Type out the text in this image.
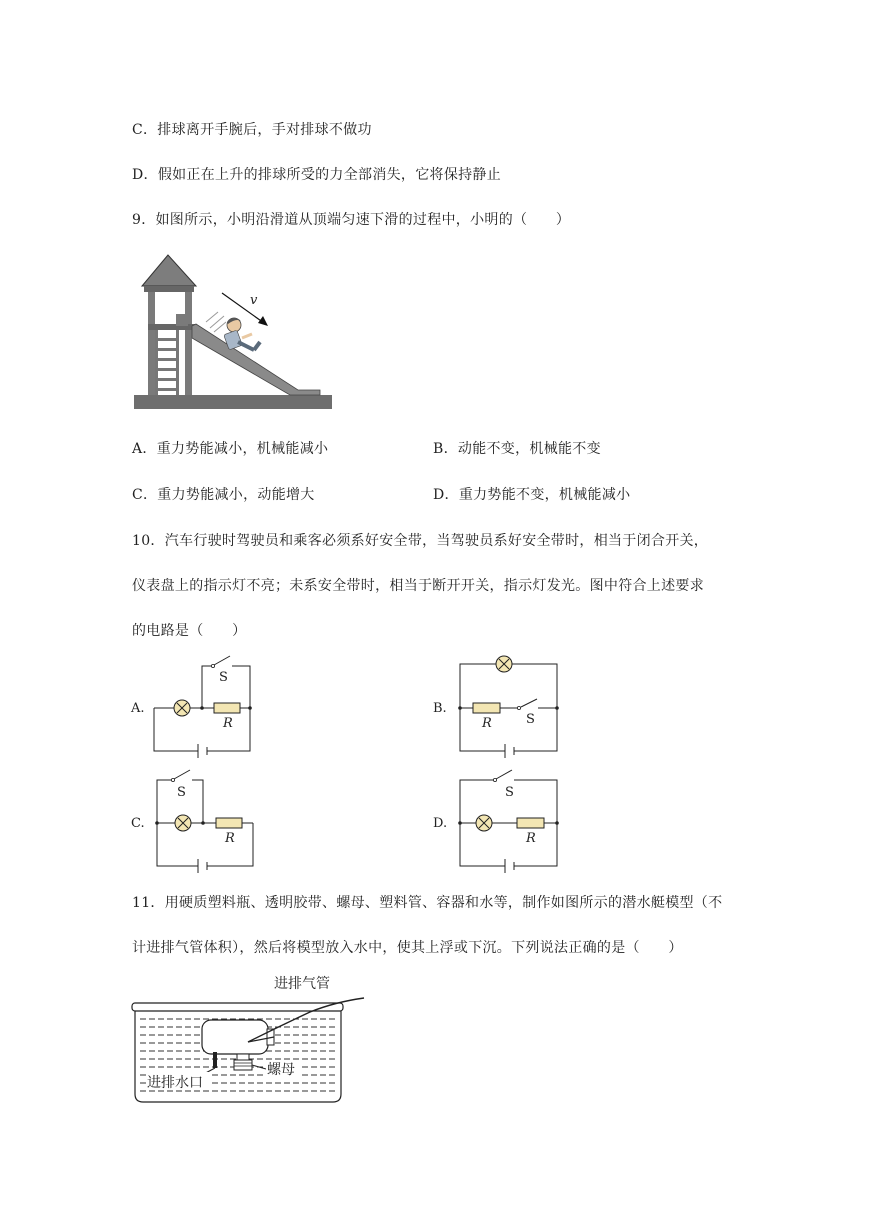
C．排球离开手腕后，手对排球不做功
D．假如正在上升的排球所受的力全部消失，它将保持静止
9．如图所示，小明沿滑道从顶端匀速下滑的过程中，小明的（　　）
v
A．重力势能减小，机械能减小	B．动能不变，机械能不变
C．重力势能减小，动能增大	D．重力势能不变，机械能减小
10．汽车行驶时驾驶员和乘客必须系好安全带，当驾驶员系好安全带时，相当于闭合开关，
仪表盘上的指示灯不亮；未系安全带时，相当于断开开关，指示灯发光。图中符合上述要求
的电路是（　　）
A.
S
R
B.
S
R
C.
S
R
D.
S
R
11．用硬质塑料瓶、透明胶带、螺母、塑料管、容器和水等，制作如图所示的潜水艇模型（不
计进排气管体积），然后将模型放入水中，使其上浮或下沉。下列说法正确的是（　　）
进排气管
进排水口
螺母
